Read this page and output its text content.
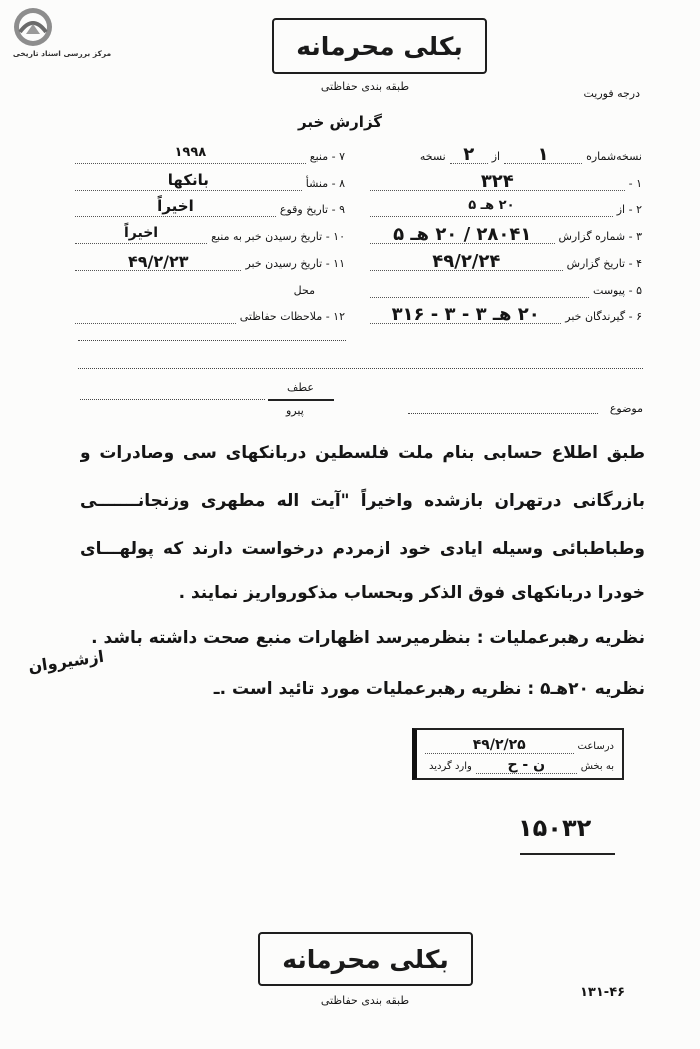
مرکز بررسی اسناد تاریخی	بکلی محرمانه
طبقه بندی حفاظتی
درجه فوریت
گزارش خبر
نسخه‌شماره
۱
از
۲
نسخه
۱ -
۳۲۴
۲ - از
۲۰ هـ ۵
۳ - شماره گزارش
۲۸۰۴۱ / ۲۰ هـ ۵
۴ - تاریخ گزارش
۴۹/۲/۲۴
۵ - پیوست
۶ - گیرندگان خبر
۲۰ هـ ۳ - ۳ - ۳۱۶
۷ - منبع
۱۹۹۸
۸ - منشأ
بانکها
۹ - تاریخ وقوع
اخیراً
۱۰ - تاریخ رسیدن خبر به منبع
اخیراً
۱۱ - تاریخ رسیدن خبر
۴۹/۲/۲۳
محل
۱۲ - ملاحظات حفاظتی
عطف
پیرو	موضوع
طبق اطلاع حسابی بنام ملت فلسطین دربانکهای سی وصادرات و
بازرگانی درتهران بازشده واخیراً "آیت اله مطهری وزنجانـــــــی
وطباطبائی وسیله ایادی خود ازمردم درخواست دارند که پولهـــای
خودرا دربانکهای فوق الذکر وبحساب مذکورواریز نمایند .
نظریه رهبرعملیات : بنظرمیرسد اظهارات منبع صحت داشته باشد .
نظریه ۲۰هـ۵ : نظریه رهبرعملیات مورد تائید است .ـ
ازشیروان
درساعت
۴۹/۲/۲۵
به بخش
ن - ح
وارد گردید
۱۵۰۳۲
بکلی محرمانه
طبقه بندی حفاظتی
۱۳۱-۴۶
